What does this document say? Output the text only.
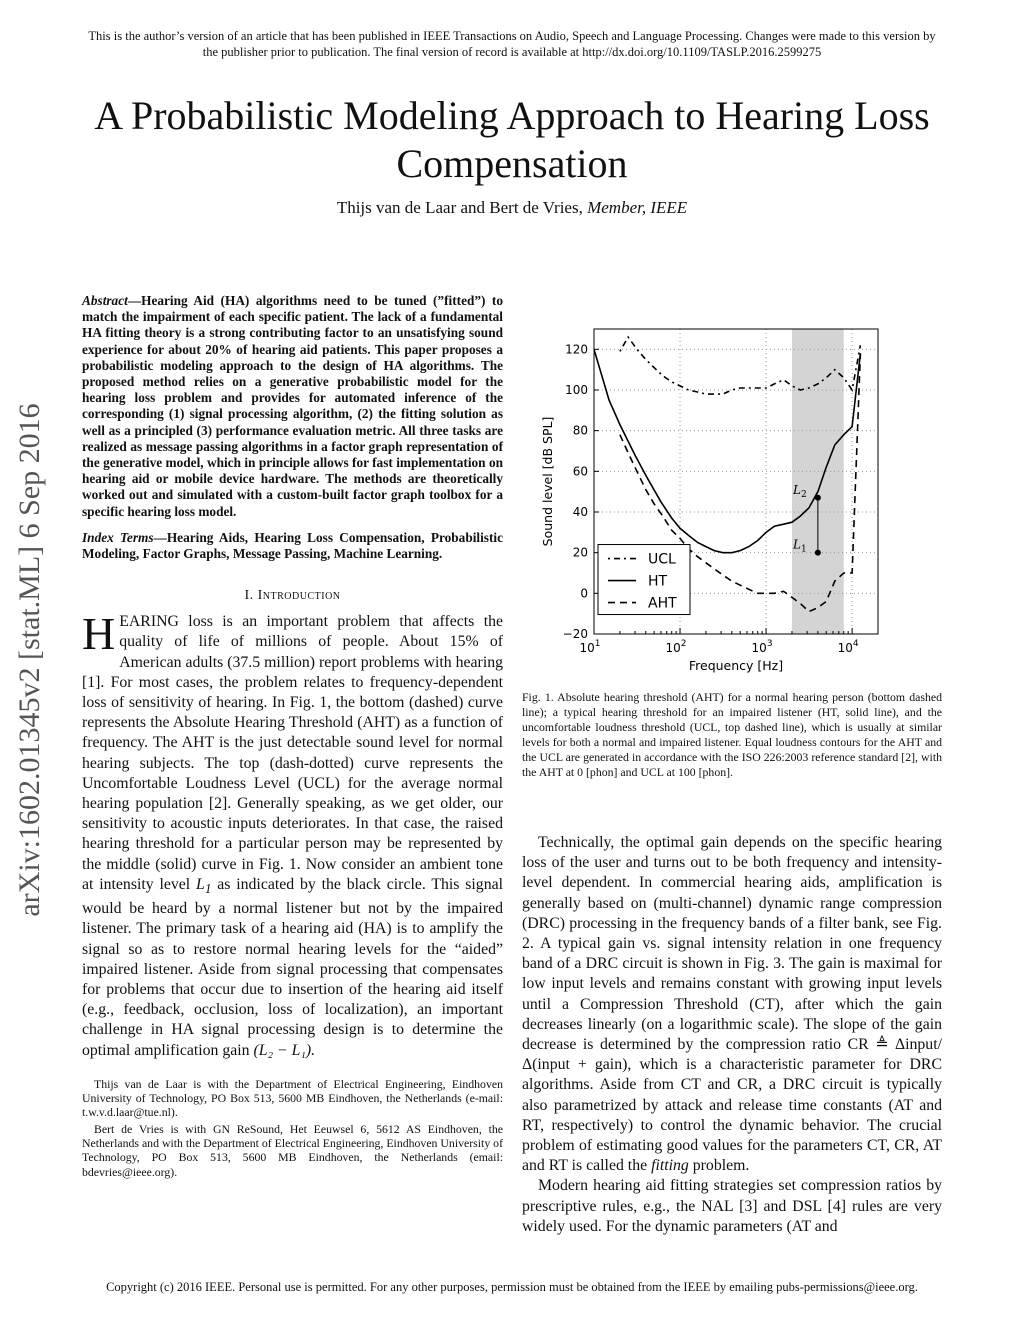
This is the author’s version of an article that has been published in IEEE Transactions on Audio, Speech and Language Processing. Changes were made to this version by the publisher prior to publication. The final version of record is available at http://dx.doi.org/10.1109/TASLP.2016.2599275
A Probabilistic Modeling Approach to Hearing Loss Compensation
Thijs van de Laar and Bert de Vries, Member, IEEE
arXiv:1602.01345v2 [stat.ML] 6 Sep 2016

Abstract—Hearing Aid (HA) algorithms need to be tuned (”fitted”) to match the impairment of each specific patient. The lack of a fundamental HA fitting theory is a strong contributing factor to an unsatisfying sound experience for about 20% of hearing aid patients. This paper proposes a probabilistic modeling approach to the design of HA algorithms. The proposed method relies on a generative probabilistic model for the hearing loss problem and provides for automated inference of the corresponding (1) signal processing algorithm, (2) the fitting solution as well as a principled (3) performance evaluation metric. All three tasks are realized as message passing algorithms in a factor graph representation of the generative model, which in principle allows for fast implementation on hearing aid or mobile device hardware. The methods are theoretically worked out and simulated with a custom-built factor graph toolbox for a specific hearing loss model.

Index Terms—Hearing Aids, Hearing Loss Compensation, Probabilistic Modeling, Factor Graphs, Message Passing, Machine Learning.

I. Introduction

HEARING loss is an important problem that affects the quality of life of millions of people. About 15% of American adults (37.5 million) report problems with hearing [1]. For most cases, the problem relates to frequency-dependent loss of sensitivity of hearing. In Fig. 1, the bottom (dashed) curve represents the Absolute Hearing Threshold (AHT) as a function of frequency. The AHT is the just detectable sound level for normal hearing subjects. The top (dash-dotted) curve represents the Uncomfortable Loudness Level (UCL) for the average normal hearing population [2]. Generally speaking, as we get older, our sensitivity to acoustic inputs deteriorates. In that case, the raised hearing threshold for a particular person may be represented by the middle (solid) curve in Fig. 1. Now consider an ambient tone at intensity level $L_1$ as indicated by the black circle. This signal would be heard by a normal listener but not by the impaired listener. The primary task of a hearing aid (HA) is to amplify the signal so as to restore normal hearing levels for the “aided” impaired listener. Aside from signal processing that compensates for problems that occur due to insertion of the hearing aid itself (e.g., feedback, occlusion, loss of localization), an important challenge in HA signal processing design is to determine the optimal amplification gain (L₂ − L₁).

Thijs van de Laar is with the Department of Electrical Engineering, Eindhoven University of Technology, PO Box 513, 5600 MB Eindhoven, the Netherlands (e-mail: t.w.v.d.laar@tue.nl).

Bert de Vries is with GN ReSound, Het Eeuwsel 6, 5612 AS Eindhoven, the Netherlands and with the Department of Electrical Engineering, Eindhoven University of Technology, PO Box 513, 5600 MB Eindhoven, the Netherlands (email: bdevries@ieee.org).

−20
0
20
40
60
80
100
120
$10^1$	$10^2$	$10^3$	$10^4$
Frequency [Hz]
Sound level [dB SPL]	$L_2$
$L_1$
UCL
HT
AHT
Fig. 1. Absolute hearing threshold (AHT) for a normal hearing person (bottom dashed line); a typical hearing threshold for an impaired listener (HT, solid line), and the uncomfortable loudness threshold (UCL, top dashed line), which is usually at similar levels for both a normal and impaired listener. Equal loudness contours for the AHT and the UCL are generated in accordance with the ISO 226:2003 reference standard [2], with the AHT at 0 [phon] and UCL at 100 [phon].

Technically, the optimal gain depends on the specific hearing loss of the user and turns out to be both frequency and intensity-level dependent. In commercial hearing aids, amplification is generally based on (multi-channel) dynamic range compression (DRC) processing in the frequency bands of a filter bank, see Fig. 2. A typical gain vs. signal intensity relation in one frequency band of a DRC circuit is shown in Fig. 3. The gain is maximal for low input levels and remains constant with growing input levels until a Compression Threshold (CT), after which the gain decreases linearly (on a logarithmic scale). The slope of the gain decrease is determined by the compression ratio CR ≜ Δinput/Δ(input + gain), which is a characteristic parameter for DRC algorithms. Aside from CT and CR, a DRC circuit is typically also parametrized by attack and release time constants (AT and RT, respectively) to control the dynamic behavior. The crucial problem of estimating good values for the parameters CT, CR, AT and RT is called the fitting problem.

Modern hearing aid fitting strategies set compression ratios by prescriptive rules, e.g., the NAL [3] and DSL [4] rules are very widely used. For the dynamic parameters (AT and

Copyright (c) 2016 IEEE. Personal use is permitted. For any other purposes, permission must be obtained from the IEEE by emailing pubs-permissions@ieee.org.
